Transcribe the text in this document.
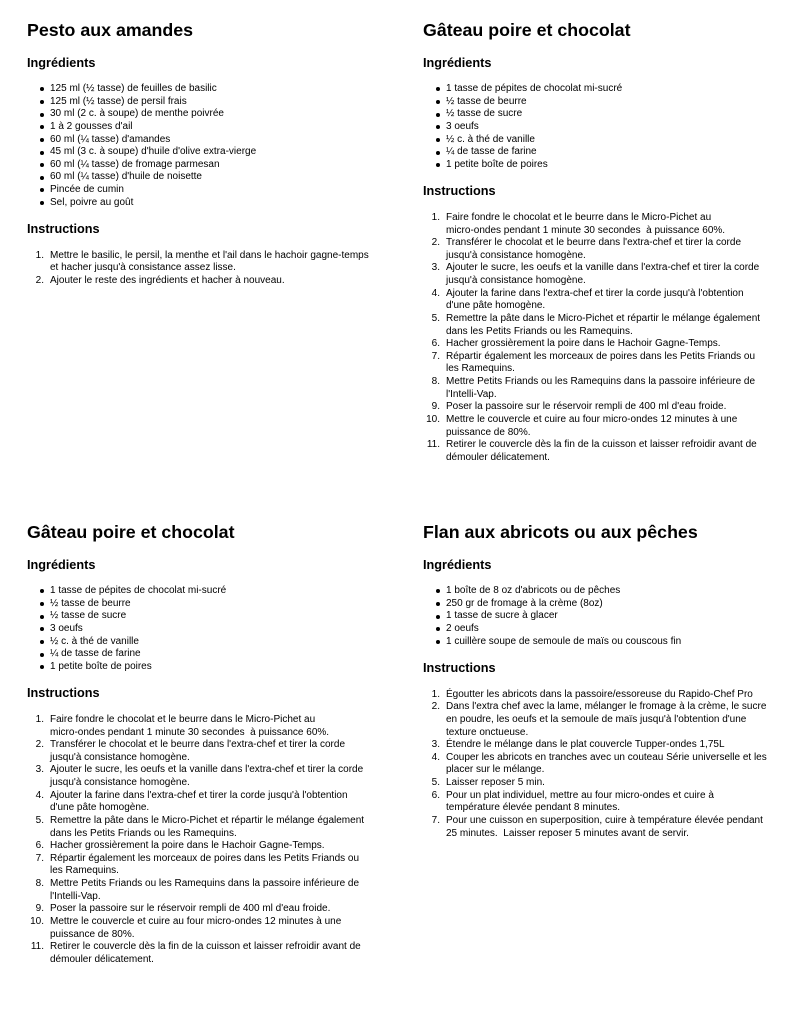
Pesto aux amandes
Ingrédients
125 ml (½ tasse) de feuilles de basilic
125 ml (½ tasse) de persil frais
30 ml (2 c. à soupe) de menthe poivrée
1 à 2 gousses d'ail
60 ml (¼ tasse) d'amandes
45 ml (3 c. à soupe) d'huile d'olive extra-vierge
60 ml (¼ tasse) de fromage parmesan
60 ml (¼ tasse) d'huile de noisette
Pincée de cumin
Sel, poivre au goût
Instructions
1. Mettre le basilic, le persil, la menthe et l'ail dans le hachoir gagne-temps
et hacher jusqu'à consistance assez lisse.
2. Ajouter le reste des ingrédients et hacher à nouveau.
Gâteau poire et chocolat
Ingrédients
1 tasse de pépites de chocolat mi-sucré
½ tasse de beurre
½ tasse de sucre
3 oeufs
½ c. à thé de vanille
¼ de tasse de farine
1 petite boîte de poires
Instructions
1. Faire fondre le chocolat et le beurre dans le Micro-Pichet au
micro-ondes pendant 1 minute 30 secondes  à puissance 60%.
2. Transférer le chocolat et le beurre dans l'extra-chef et tirer la corde
jusqu'à consistance homogène.
3. Ajouter le sucre, les oeufs et la vanille dans l'extra-chef et tirer la corde
jusqu'à consistance homogène.
4. Ajouter la farine dans l'extra-chef et tirer la corde jusqu'à l'obtention
d'une pâte homogène.
5. Remettre la pâte dans le Micro-Pichet et répartir le mélange également
dans les Petits Friands ou les Ramequins.
6. Hacher grossièrement la poire dans le Hachoir Gagne-Temps.
7. Répartir également les morceaux de poires dans les Petits Friands ou
les Ramequins.
8. Mettre Petits Friands ou les Ramequins dans la passoire inférieure de
l'Intelli-Vap.
9. Poser la passoire sur le réservoir rempli de 400 ml d'eau froide.
10. Mettre le couvercle et cuire au four micro-ondes 12 minutes à une
puissance de 80%.
11. Retirer le couvercle dès la fin de la cuisson et laisser refroidir avant de
démouler délicatement.
Gâteau poire et chocolat
Ingrédients
1 tasse de pépites de chocolat mi-sucré
½ tasse de beurre
½ tasse de sucre
3 oeufs
½ c. à thé de vanille
¼ de tasse de farine
1 petite boîte de poires
Instructions
1. Faire fondre le chocolat et le beurre dans le Micro-Pichet au
micro-ondes pendant 1 minute 30 secondes  à puissance 60%.
2. Transférer le chocolat et le beurre dans l'extra-chef et tirer la corde
jusqu'à consistance homogène.
3. Ajouter le sucre, les oeufs et la vanille dans l'extra-chef et tirer la corde
jusqu'à consistance homogène.
4. Ajouter la farine dans l'extra-chef et tirer la corde jusqu'à l'obtention
d'une pâte homogène.
5. Remettre la pâte dans le Micro-Pichet et répartir le mélange également
dans les Petits Friands ou les Ramequins.
6. Hacher grossièrement la poire dans le Hachoir Gagne-Temps.
7. Répartir également les morceaux de poires dans les Petits Friands ou
les Ramequins.
8. Mettre Petits Friands ou les Ramequins dans la passoire inférieure de
l'Intelli-Vap.
9. Poser la passoire sur le réservoir rempli de 400 ml d'eau froide.
10. Mettre le couvercle et cuire au four micro-ondes 12 minutes à une
puissance de 80%.
11. Retirer le couvercle dès la fin de la cuisson et laisser refroidir avant de
démouler délicatement.
Flan aux abricots ou aux pêches
Ingrédients
1 boîte de 8 oz d'abricots ou de pêches
250 gr de fromage à la crème (8oz)
1 tasse de sucre à glacer
2 oeufs
1 cuillère soupe de semoule de maïs ou couscous fin
Instructions
1. Égoutter les abricots dans la passoire/essoreuse du Rapido-Chef Pro
2. Dans l'extra chef avec la lame, mélanger le fromage à la crème, le sucre
en poudre, les oeufs et la semoule de maïs jusqu'à l'obtention d'une
texture onctueuse.
3. Étendre le mélange dans le plat couvercle Tupper-ondes 1,75L
4. Couper les abricots en tranches avec un couteau Série universelle et les
placer sur le mélange.
5. Laisser reposer 5 min.
6. Pour un plat individuel, mettre au four micro-ondes et cuire à
température élevée pendant 8 minutes.
7. Pour une cuisson en superposition, cuire à température élevée pendant
25 minutes.  Laisser reposer 5 minutes avant de servir.
